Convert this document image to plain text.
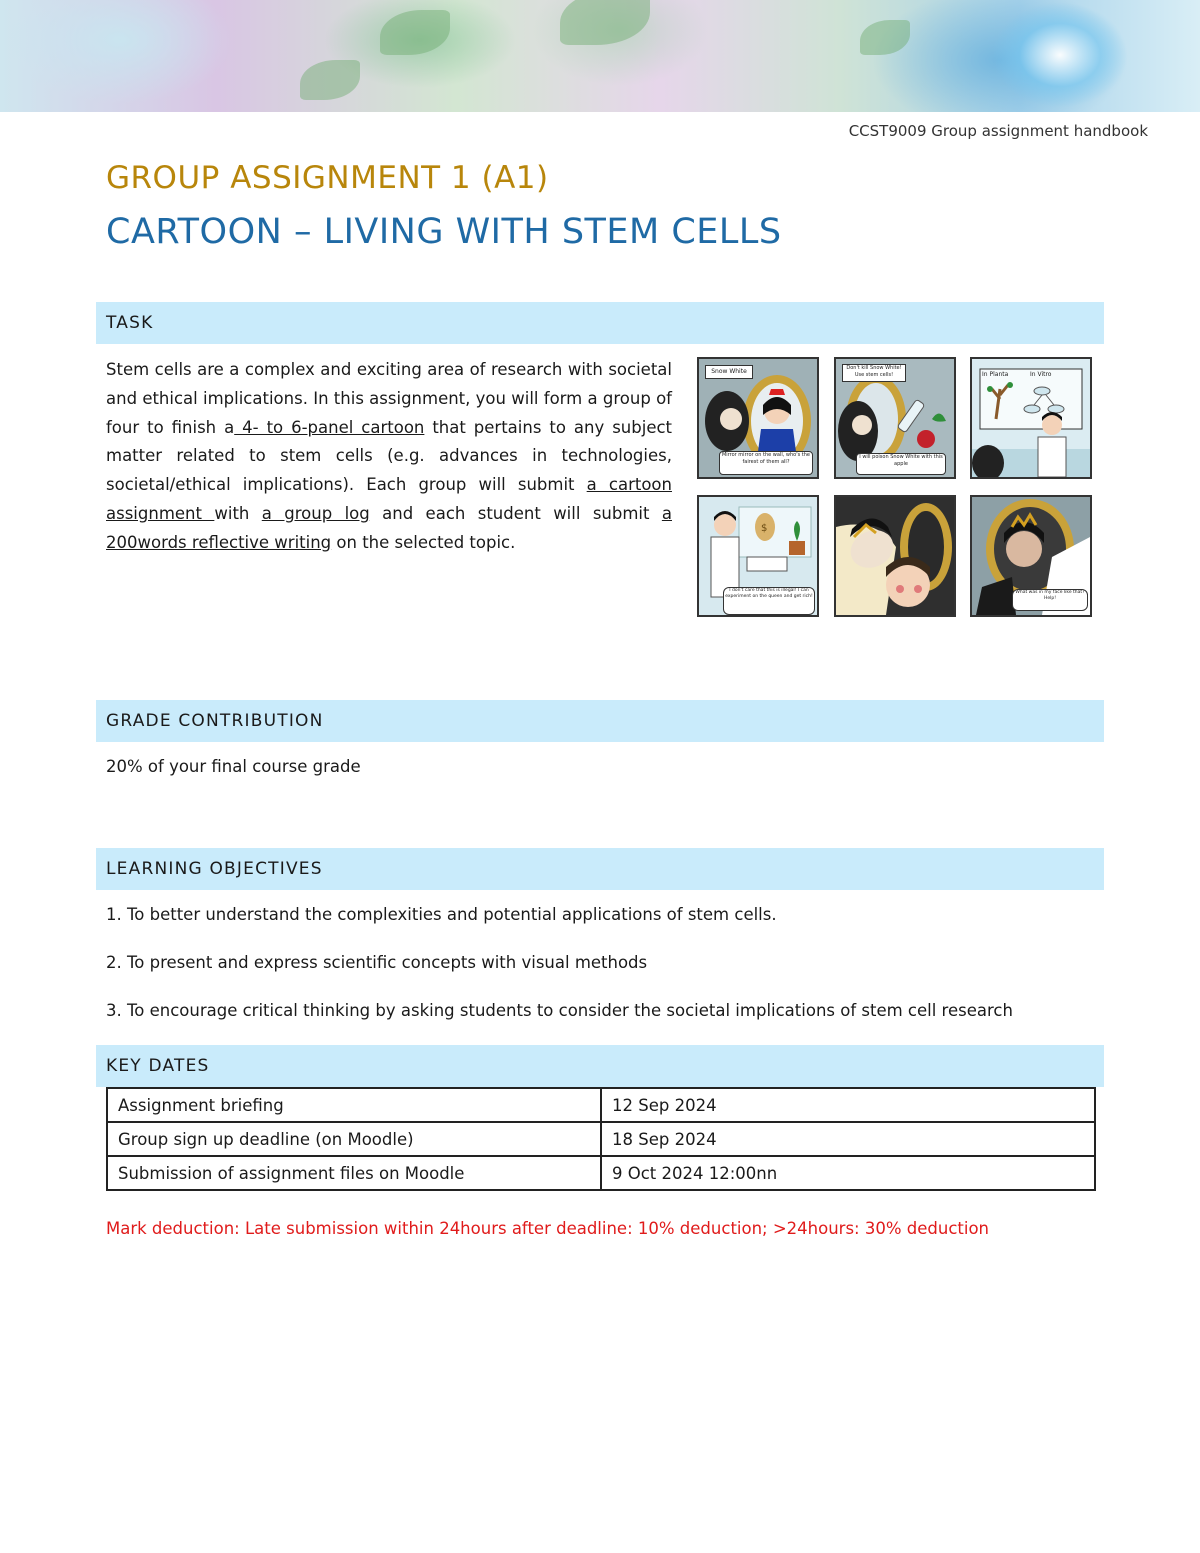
CCST9009 Group assignment handbook
GROUP ASSIGNMENT 1 (A1)
CARTOON – LIVING WITH STEM CELLS
TASK
Stem cells are a complex and exciting area of research with societal and ethical implications. In this assignment, you will form a group of four to finish a 4- to 6-panel cartoon that pertains to any subject matter related to stem cells (e.g. advances in technologies, societal/ethical implications). Each group will submit a cartoon assignment with a group log and each student will submit a 200words reflective writing on the selected topic.
Snow White
Mirror mirror on the wall, who's the fairest of them all?
Don't kill Snow White! Use stem cells!
I will poison Snow White with this apple
In Planta	In Vitro
$
I don't care that this is illegal! I can experiment on the queen and get rich!
What was in my face like that? Help!
GRADE CONTRIBUTION
20% of your final course grade
LEARNING OBJECTIVES
1. To better understand the complexities and potential applications of stem cells.
2. To present and express scientific concepts with visual methods
3. To encourage critical thinking by asking students to consider the societal implications of stem cell research
KEY DATES
Assignment briefing	12 Sep 2024
Group sign up deadline (on Moodle)	18 Sep 2024
Submission of assignment files on Moodle	9 Oct 2024 12:00nn
Mark deduction: Late submission within 24hours after deadline: 10% deduction; >24hours: 30% deduction
